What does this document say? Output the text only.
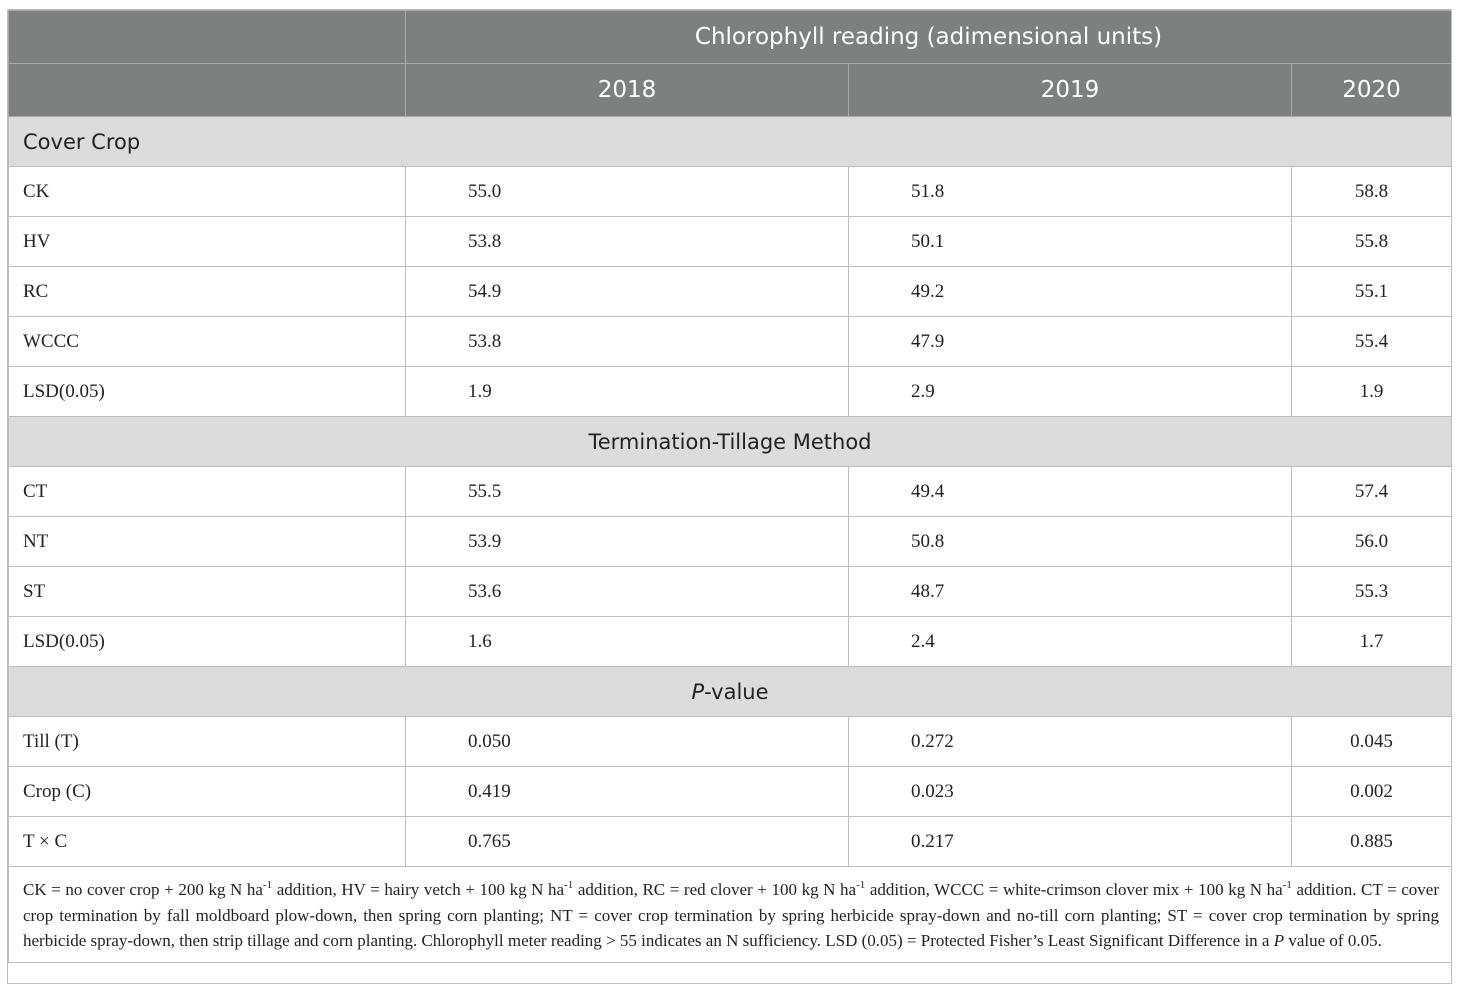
	Chlorophyll reading (adimensional units)		
	2018	2019	2020
Cover Crop			
CK	55.0	51.8	58.8
HV	53.8	50.1	55.8
RC	54.9	49.2	55.1
WCCC	53.8	47.9	55.4
LSD(0.05)	1.9	2.9	1.9
Termination-Tillage Method			
CT	55.5	49.4	57.4
NT	53.9	50.8	56.0
ST	53.6	48.7	55.3
LSD(0.05)	1.6	2.4	1.7
P-value			
Till (T)	0.050	0.272	0.045
Crop (C)	0.419	0.023	0.002
T × C	0.765	0.217	0.885
CK = no cover crop + 200 kg N $ha^{-1}$ addition, HV = hairy vetch + 100 kg N $ha^{-1}$ addition, RC = red clover + 100 kg N $ha^{-1}$ addition, WCCC = white-crimson clover mix + 100 kg N $ha^{-1}$ addition. CT = cover crop termination by fall moldboard plow-down, then spring corn planting; NT = cover crop termination by spring herbicide spray-down and no-till corn planting; ST = cover crop termination by spring herbicide spray-down, then strip tillage and corn planting. Chlorophyll meter reading > 55 indicates an N sufficiency. LSD (0.05) = Protected Fisher’s Least Significant Difference in a P value of 0.05.			
